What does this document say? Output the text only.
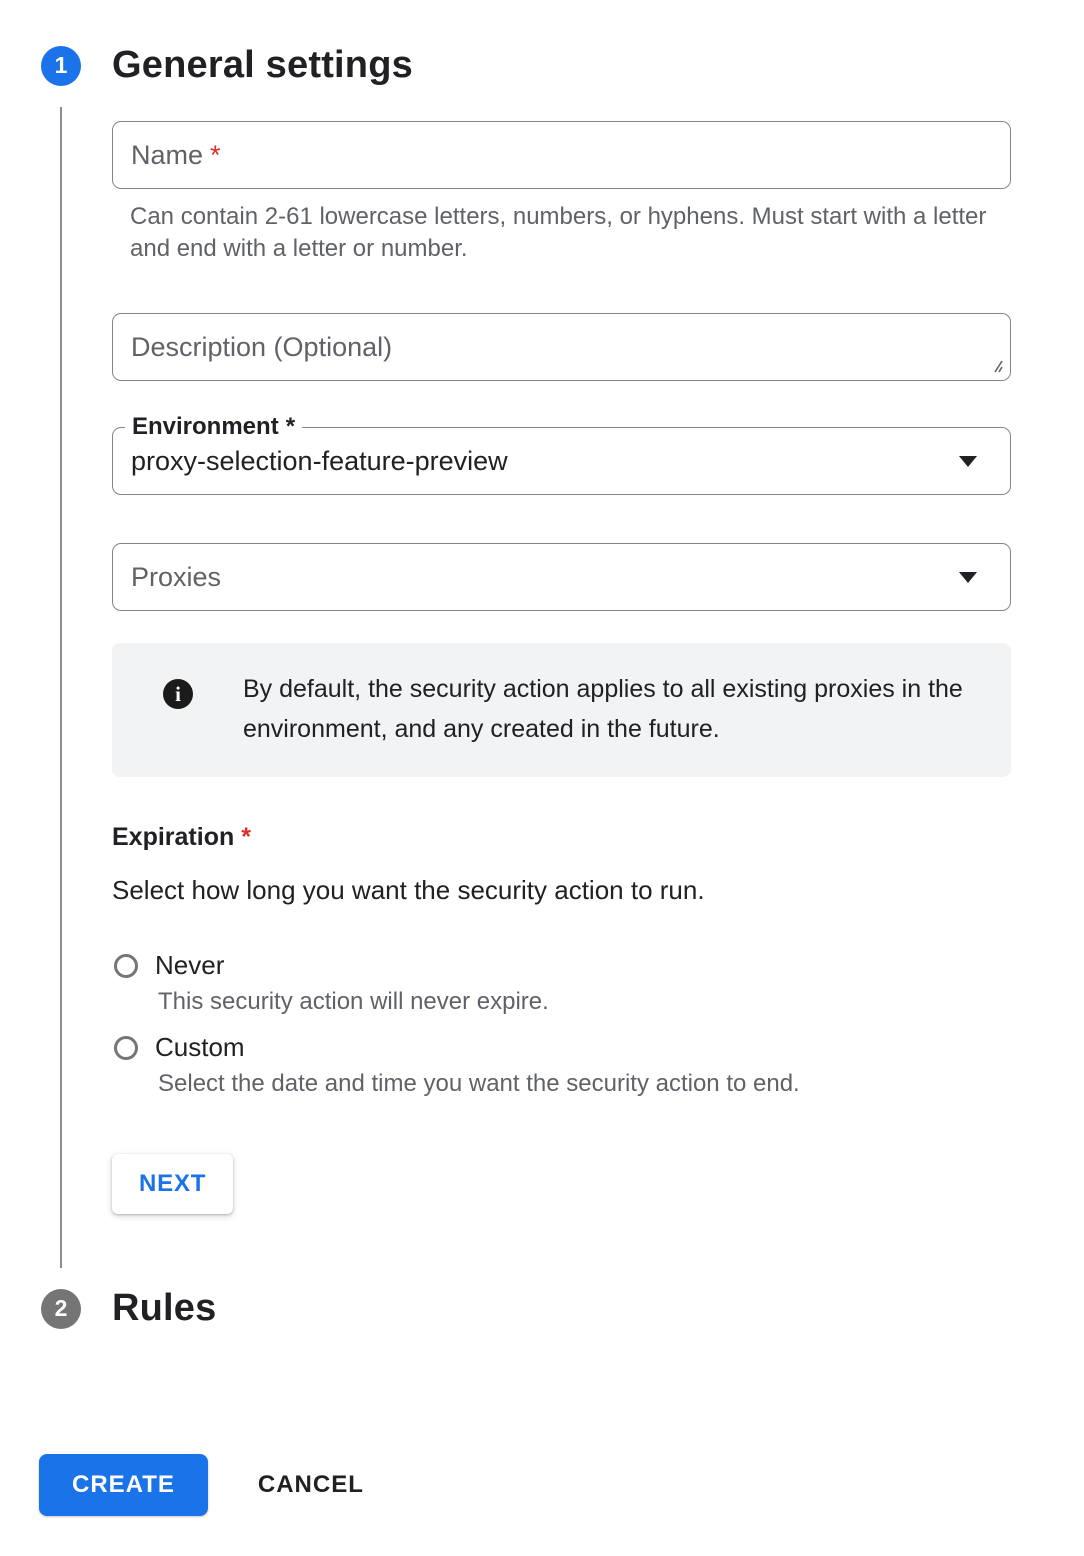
1 General settings
Name *
Can contain 2-61 lowercase letters, numbers, or hyphens. Must start with a letter and end with a letter or number.
Description (Optional)
Environment *
proxy-selection-feature-preview
Proxies
i By default, the security action applies to all existing proxies in the environment, and any created in the future.
Expiration *
Select how long you want the security action to run.
Never
This security action will never expire.
Custom
Select the date and time you want the security action to end.
NEXT
2 Rules
CREATE	CANCEL
